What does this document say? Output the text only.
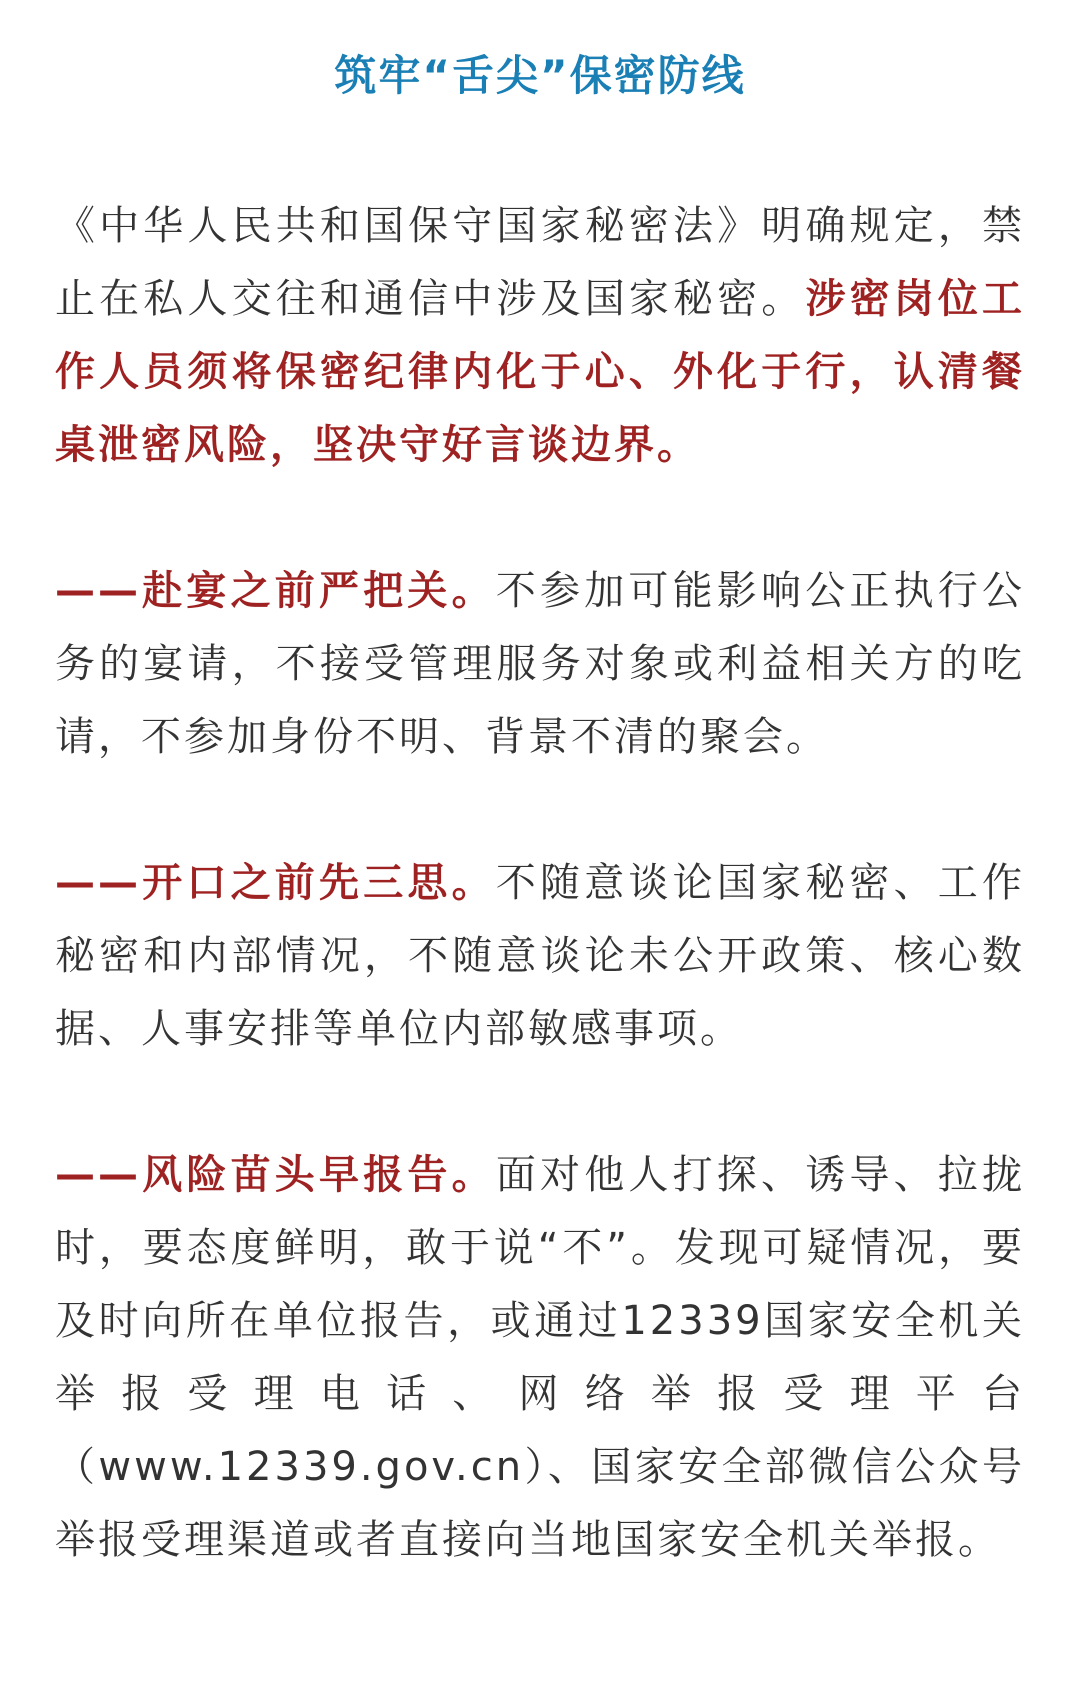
筑牢“舌尖”保密防线

《中华人民共和国保守国家秘密法》明确规定，禁止在私人交往和通信中涉及国家秘密。涉密岗位工作人员须将保密纪律内化于心、外化于行，认清餐桌泄密风险，坚决守好言谈边界。

——赴宴之前严把关。不参加可能影响公正执行公务的宴请，不接受管理服务对象或利益相关方的吃请，不参加身份不明、背景不清的聚会。

——开口之前先三思。不随意谈论国家秘密、工作秘密和内部情况，不随意谈论未公开政策、核心数据、人事安排等单位内部敏感事项。

——风险苗头早报告。面对他人打探、诱导、拉拢时，要态度鲜明，敢于说“不”。发现可疑情况，要及时向所在单位报告，或通过12339国家安全机关举报受理电话、网络举报受理平台（www.12339.gov.cn）、国家安全部微信公众号举报受理渠道或者直接向当地国家安全机关举报。
